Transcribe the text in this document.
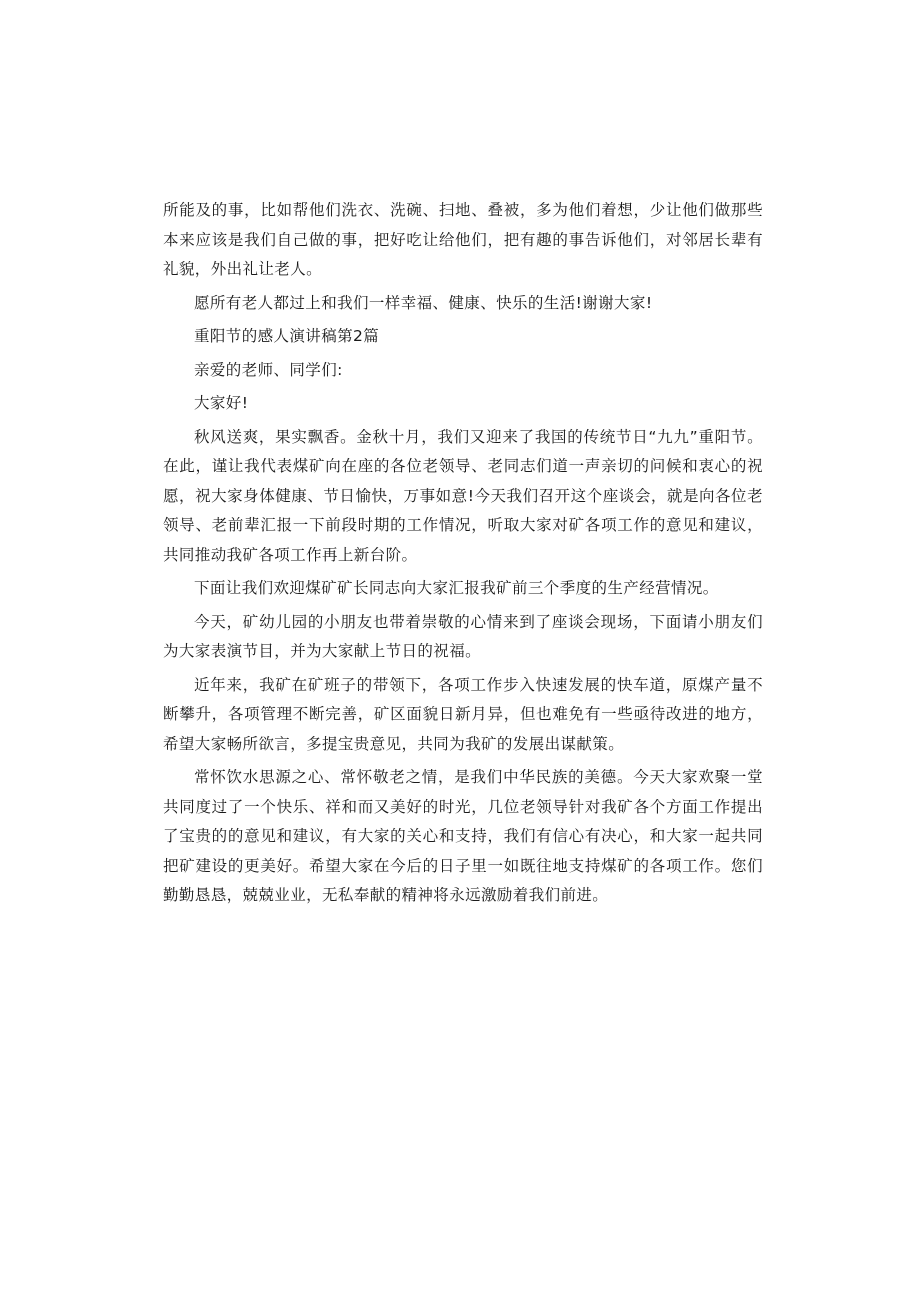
所能及的事，比如帮他们洗衣、洗碗、扫地、叠被，多为他们着想，少让他们做那些本来应该是我们自己做的事，把好吃让给他们，把有趣的事告诉他们，对邻居长辈有礼貌，外出礼让老人。

愿所有老人都过上和我们一样幸福、健康、快乐的生活!谢谢大家!

重阳节的感人演讲稿第2篇

亲爱的老师、同学们:

大家好!

秋风送爽，果实飘香。金秋十月，我们又迎来了我国的传统节日“九九”重阳节。在此，谨让我代表煤矿向在座的各位老领导、老同志们道一声亲切的问候和衷心的祝愿，祝大家身体健康、节日愉快，万事如意!今天我们召开这个座谈会，就是向各位老领导、老前辈汇报一下前段时期的工作情况，听取大家对矿各项工作的意见和建议，共同推动我矿各项工作再上新台阶。

下面让我们欢迎煤矿矿长同志向大家汇报我矿前三个季度的生产经营情况。

今天，矿幼儿园的小朋友也带着崇敬的心情来到了座谈会现场，下面请小朋友们为大家表演节目，并为大家献上节日的祝福。

近年来，我矿在矿班子的带领下，各项工作步入快速发展的快车道，原煤产量不断攀升，各项管理不断完善，矿区面貌日新月异，但也难免有一些亟待改进的地方，希望大家畅所欲言，多提宝贵意见，共同为我矿的发展出谋献策。

常怀饮水思源之心、常怀敬老之情，是我们中华民族的美德。今天大家欢聚一堂共同度过了一个快乐、祥和而又美好的时光，几位老领导针对我矿各个方面工作提出了宝贵的的意见和建议，有大家的关心和支持，我们有信心有决心，和大家一起共同把矿建设的更美好。希望大家在今后的日子里一如既往地支持煤矿的各项工作。您们勤勤恳恳，兢兢业业，无私奉献的精神将永远激励着我们前进。
